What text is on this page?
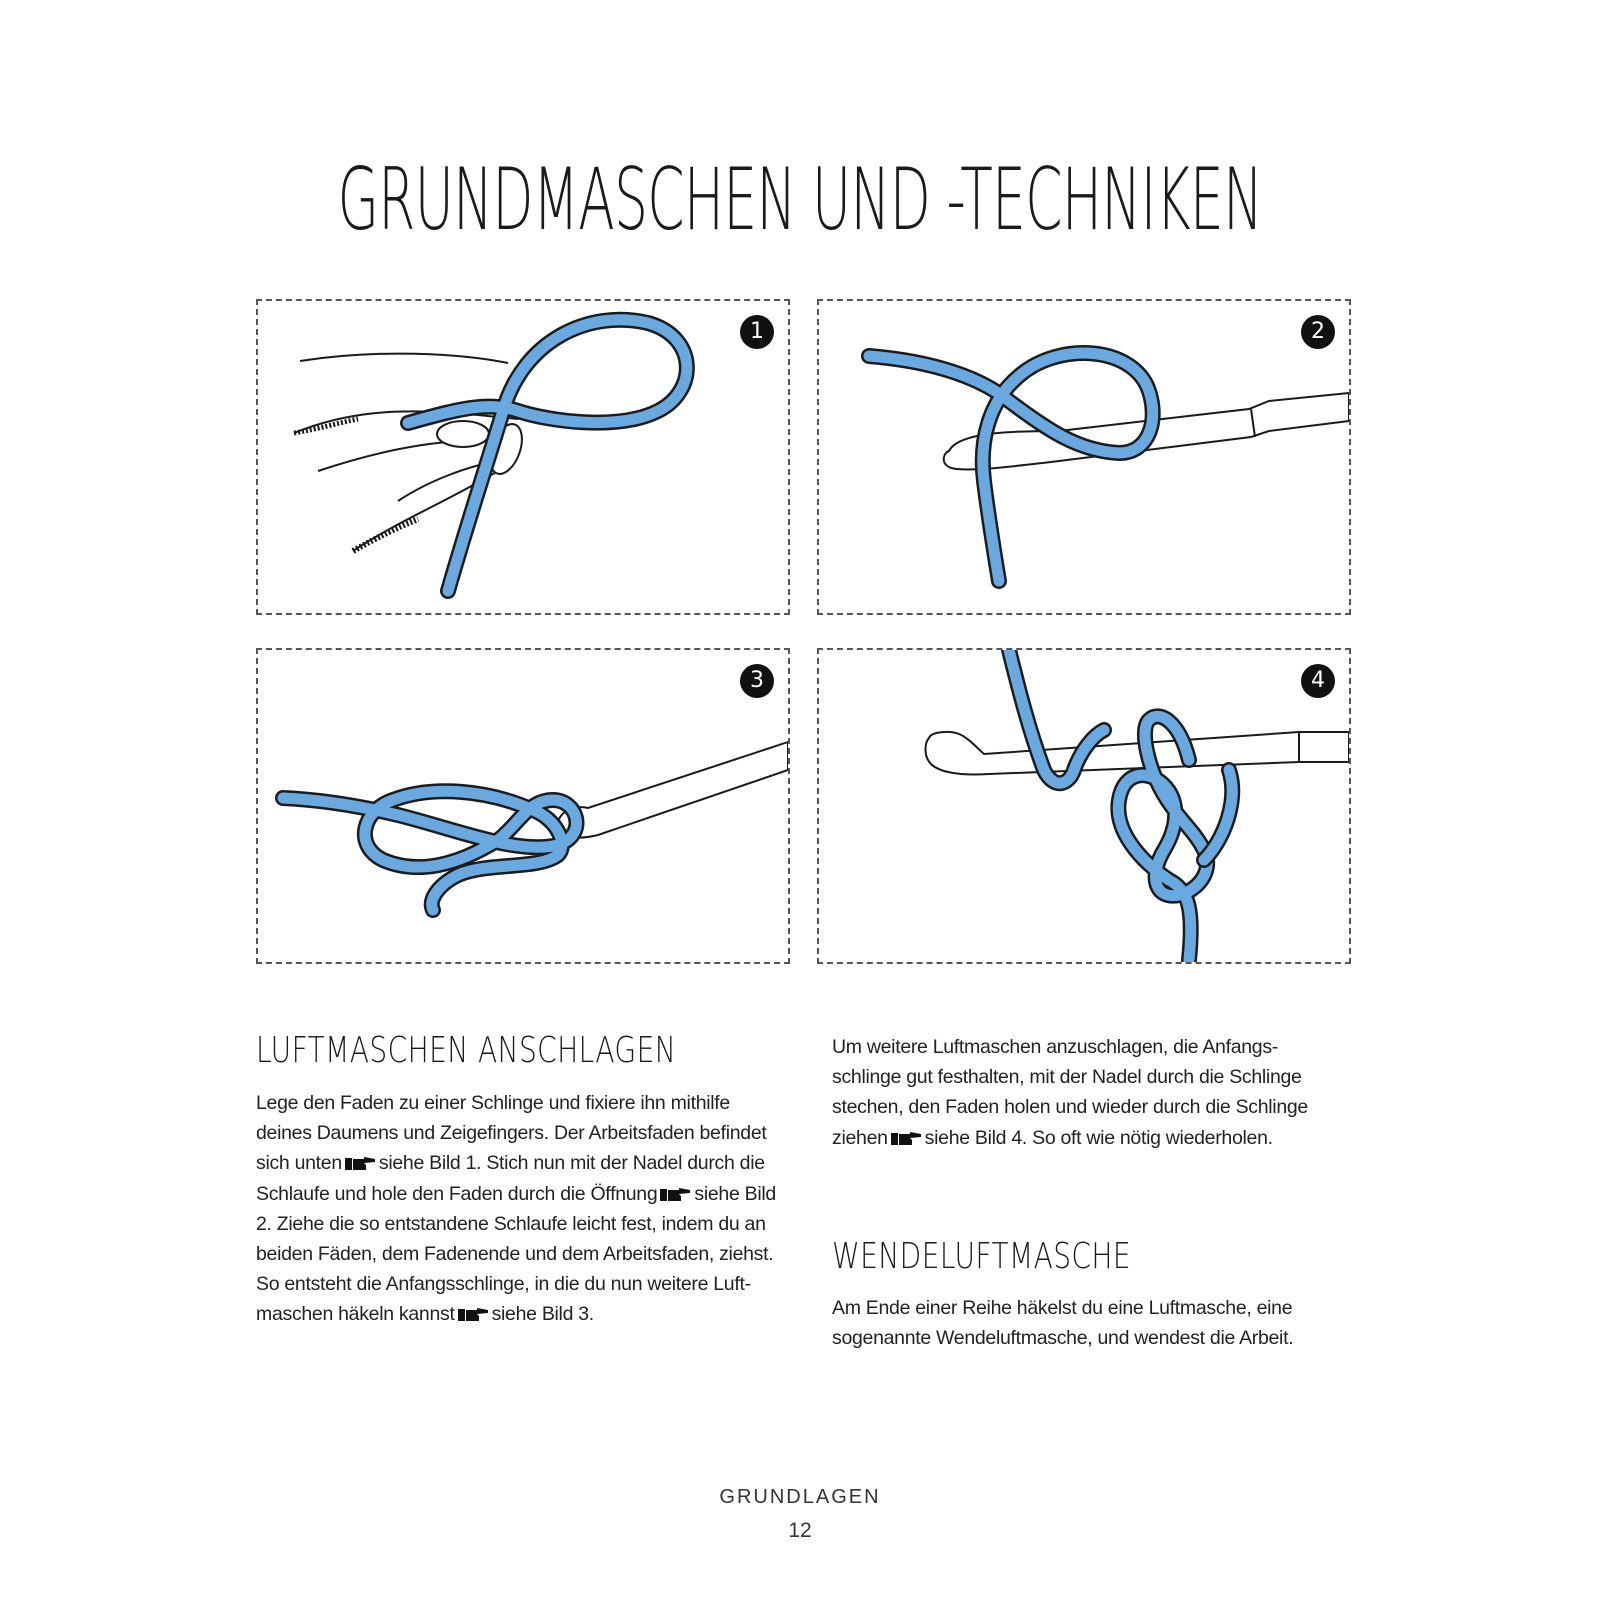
GRUNDMASCHEN UND -TECHNIKEN
1	2
3	4
LUFTMASCHEN ANSCHLAGEN

Lege den Faden zu einer Schlinge und fixiere ihn mithilfe deines Daumens und Zeigefingers. Der Arbeitsfaden befindet sich unten siehe Bild 1. Stich nun mit der Nadel durch die Schlaufe und hole den Faden durch die Öffnung siehe Bild 2. Ziehe die so entstandene Schlaufe leicht fest, indem du an beiden Fäden, dem Fadenende und dem Arbeitsfaden, ziehst. So entsteht die Anfangsschlinge, in die du nun weitere Luft-maschen häkeln kannst siehe Bild 3.

Um weitere Luftmaschen anzuschlagen, die Anfangs-schlinge gut festhalten, mit der Nadel durch die Schlinge stechen, den Faden holen und wieder durch die Schlinge ziehen siehe Bild 4. So oft wie nötig wiederholen.

WENDELUFTMASCHE

Am Ende einer Reihe häkelst du eine Luftmasche, eine sogenannte Wendeluftmasche, und wendest die Arbeit.

GRUNDLAGEN
12
